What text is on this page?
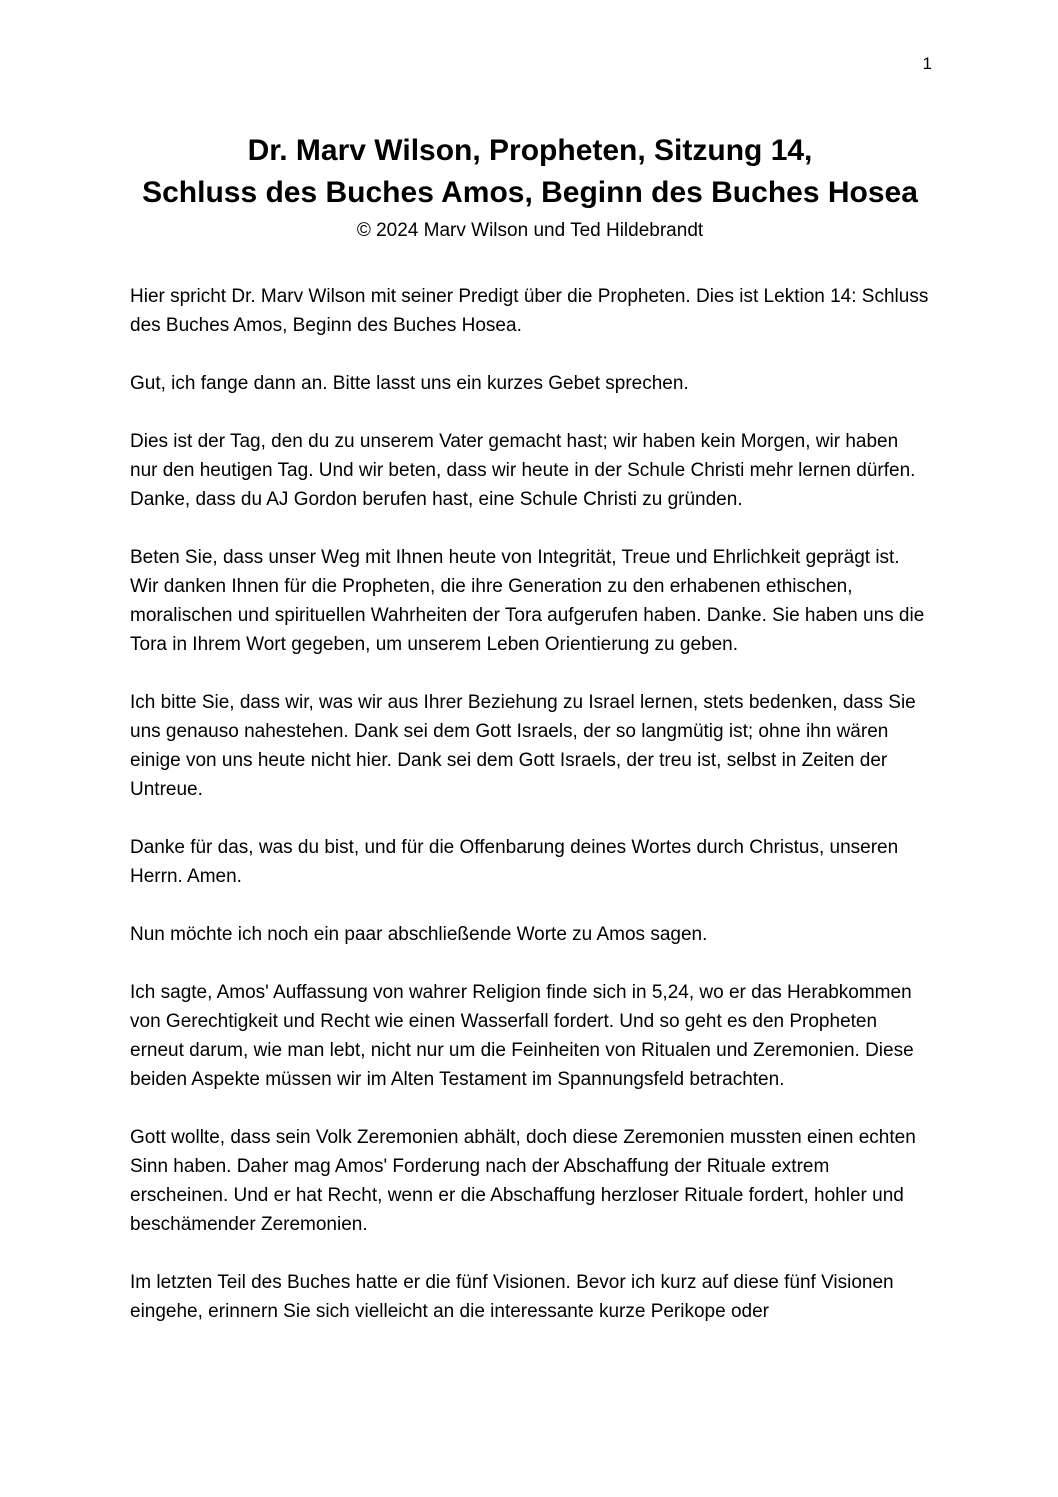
1
Dr. Marv Wilson, Propheten, Sitzung 14,
Schluss des Buches Amos, Beginn des Buches Hosea
© 2024 Marv Wilson und Ted Hildebrandt

Hier spricht Dr. Marv Wilson mit seiner Predigt über die Propheten. Dies ist Lektion 14: Schluss des Buches Amos, Beginn des Buches Hosea.

Gut, ich fange dann an. Bitte lasst uns ein kurzes Gebet sprechen.

Dies ist der Tag, den du zu unserem Vater gemacht hast; wir haben kein Morgen, wir haben nur den heutigen Tag. Und wir beten, dass wir heute in der Schule Christi mehr lernen dürfen. Danke, dass du AJ Gordon berufen hast, eine Schule Christi zu gründen.

Beten Sie, dass unser Weg mit Ihnen heute von Integrität, Treue und Ehrlichkeit geprägt ist. Wir danken Ihnen für die Propheten, die ihre Generation zu den erhabenen ethischen, moralischen und spirituellen Wahrheiten der Tora aufgerufen haben. Danke. Sie haben uns die Tora in Ihrem Wort gegeben, um unserem Leben Orientierung zu geben.

Ich bitte Sie, dass wir, was wir aus Ihrer Beziehung zu Israel lernen, stets bedenken, dass Sie uns genauso nahestehen. Dank sei dem Gott Israels, der so langmütig ist; ohne ihn wären einige von uns heute nicht hier. Dank sei dem Gott Israels, der treu ist, selbst in Zeiten der Untreue.

Danke für das, was du bist, und für die Offenbarung deines Wortes durch Christus, unseren Herrn. Amen.

Nun möchte ich noch ein paar abschließende Worte zu Amos sagen.

Ich sagte, Amos' Auffassung von wahrer Religion finde sich in 5,24, wo er das Herabkommen von Gerechtigkeit und Recht wie einen Wasserfall fordert. Und so geht es den Propheten erneut darum, wie man lebt, nicht nur um die Feinheiten von Ritualen und Zeremonien. Diese beiden Aspekte müssen wir im Alten Testament im Spannungsfeld betrachten.

Gott wollte, dass sein Volk Zeremonien abhält, doch diese Zeremonien mussten einen echten Sinn haben. Daher mag Amos' Forderung nach der Abschaffung der Rituale extrem erscheinen. Und er hat Recht, wenn er die Abschaffung herzloser Rituale fordert, hohler und beschämender Zeremonien.

Im letzten Teil des Buches hatte er die fünf Visionen. Bevor ich kurz auf diese fünf Visionen eingehe, erinnern Sie sich vielleicht an die interessante kurze Perikope oder
